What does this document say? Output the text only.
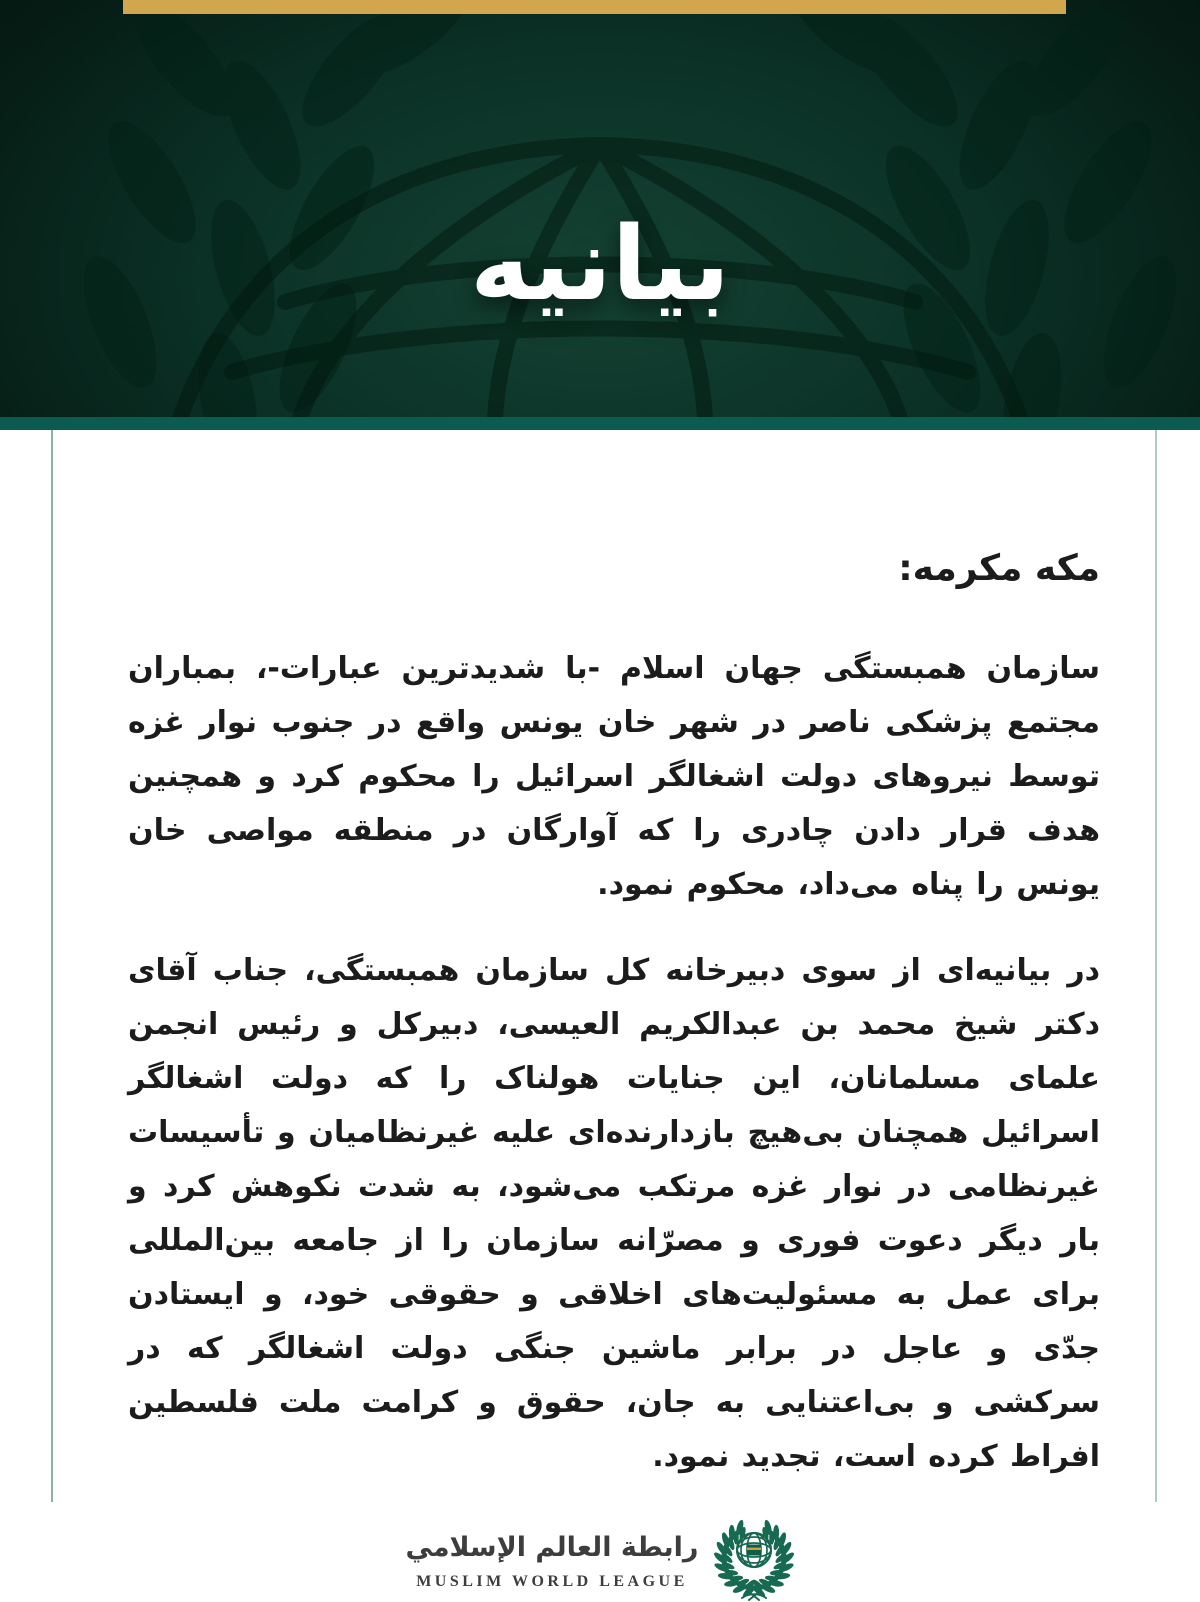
بیانیه
مکه مکرمه:

سازمان همبستگی جهان اسلام -با شدیدترین عبارات-، بمباران مجتمع پزشکی ناصر در شهر خان یونس واقع در جنوب نوار غزه توسط نیروهای دولت اشغالگر اسرائیل را محکوم کرد و همچنین هدف قرار دادن چادری را که آوارگان در منطقه مواصی خان یونس را پناه می‌داد، محکوم نمود.

در بیانیه‌ای از سوی دبیرخانه کل سازمان همبستگی، جناب آقای دکتر شیخ محمد بن عبدالکریم العیسی، دبیرکل و رئیس انجمن علمای مسلمانان، این جنایات هولناک را که دولت اشغالگر اسرائیل همچنان بی‌هیچ بازدارنده‌ای علیه غیرنظامیان و تأسیسات غیرنظامی در نوار غزه مرتکب می‌شود، به شدت نکوهش کرد و بار دیگر دعوت فوری و مصرّانه سازمان را از جامعه بین‌المللی برای عمل به مسئولیت‌های اخلاقی و حقوقی خود، و ایستادن جدّی و عاجل در برابر ماشین جنگی دولت اشغالگر که در سرکشی و بی‌اعتنایی به جان، حقوق و کرامت ملت فلسطین افراط کرده است، تجدید نمود.

رابطة العالم الإسلامي
MUSLIM WORLD LEAGUE
